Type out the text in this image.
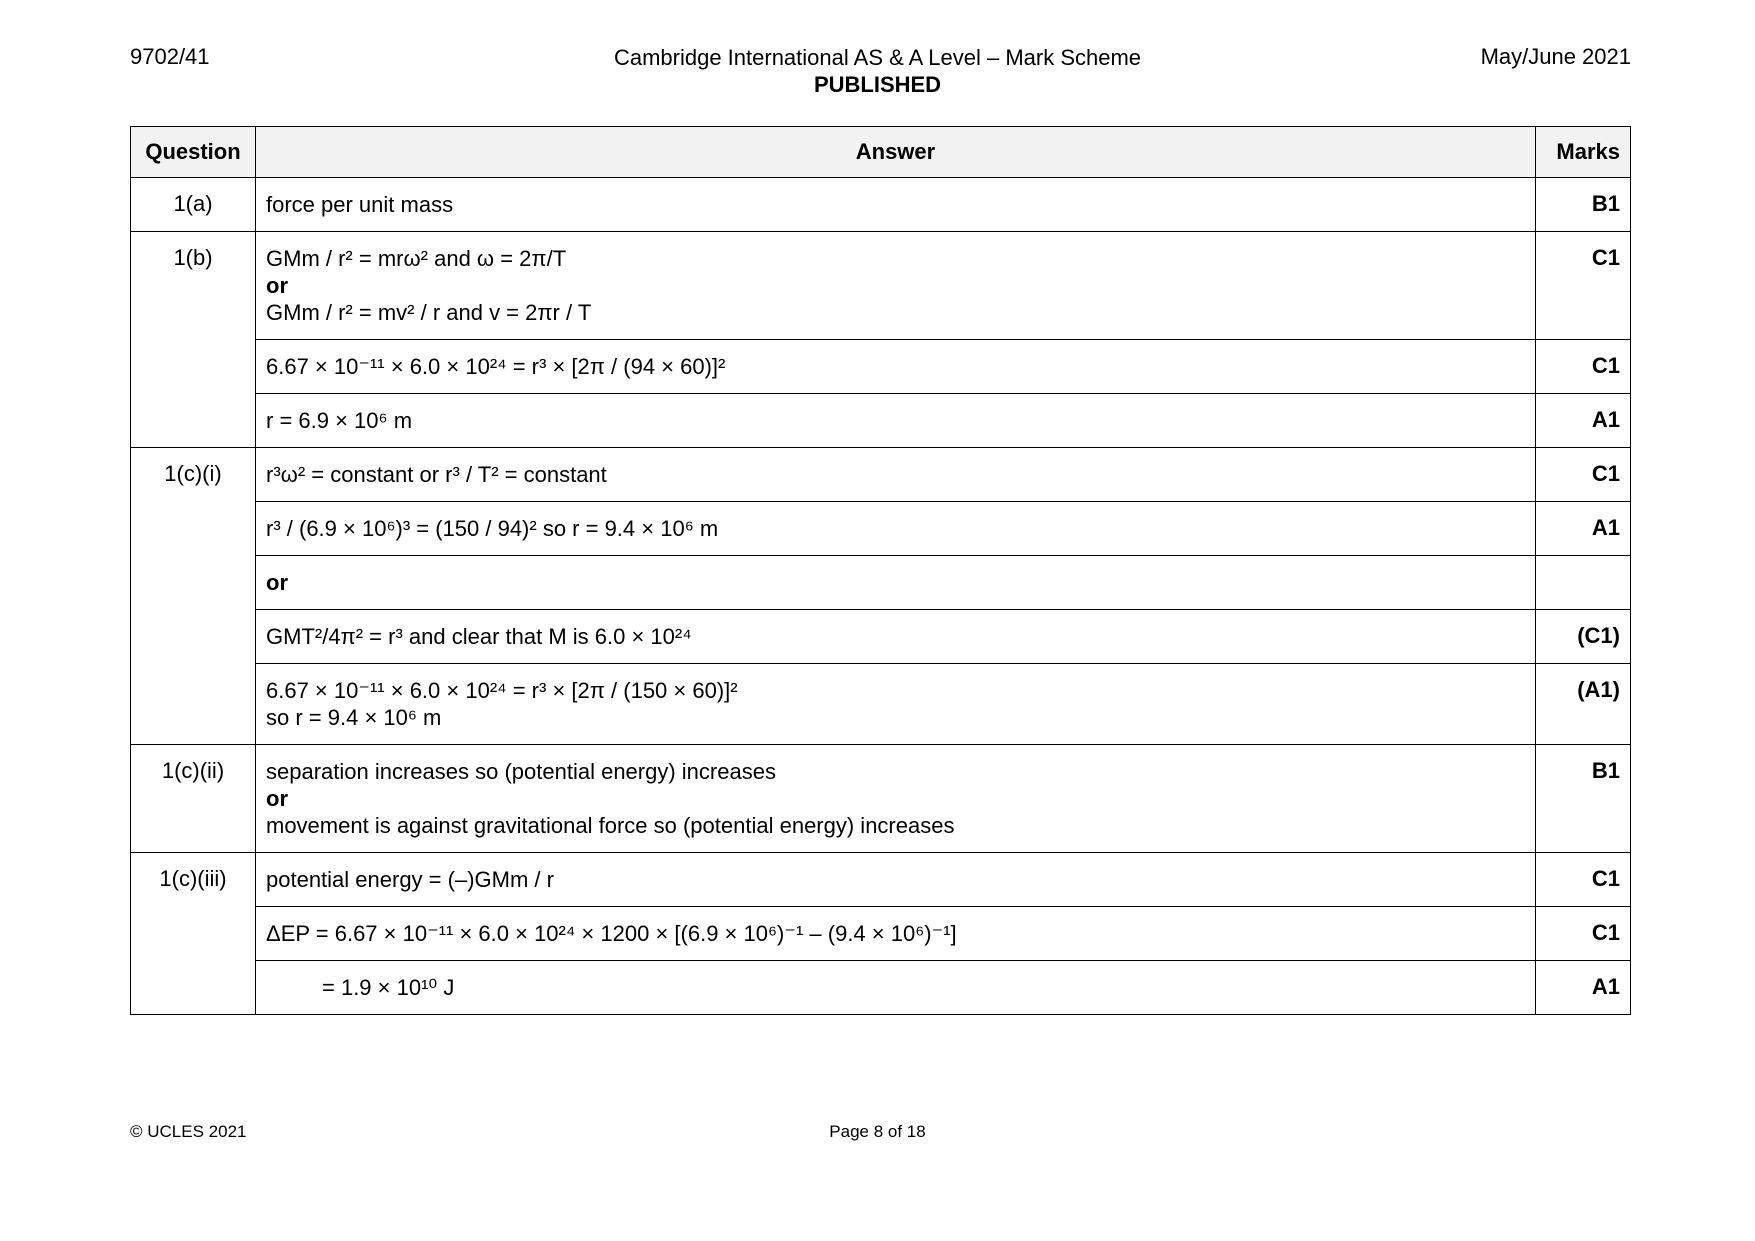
9702/41	Cambridge International AS & A Level – Mark Scheme
PUBLISHED
May/June 2021
Question	Answer	Marks
1(a)	force per unit mass	B1
1(b)	GMm / r² = mrω² and ω = 2π/T
or
GMm / r² = mv² / r and v = 2πr / T	C1

	6.67 × 10⁻¹¹ × 6.0 × 10²⁴ = r³ × [2π / (94 × 60)]²	C1

	r = 6.9 × 10⁶ m	A1
1(c)(i)	r³ω² = constant or r³ / T² = constant	C1

	r³ / (6.9 × 10⁶)³ = (150 / 94)² so r = 9.4 × 10⁶ m	A1

	or	

	GMT²/4π² = r³ and clear that M is 6.0 × 10²⁴	(C1)

	6.67 × 10⁻¹¹ × 6.0 × 10²⁴ = r³ × [2π / (150 × 60)]²
so r = 9.4 × 10⁶ m	(A1)
1(c)(ii)	separation increases so (potential energy) increases
or
movement is against gravitational force so (potential energy) increases	B1
1(c)(iii)	potential energy = (–)GMm / r	C1

	ΔEP = 6.67 × 10⁻¹¹ × 6.0 × 10²⁴ × 1200 × [(6.9 × 10⁶)⁻¹ – (9.4 × 10⁶)⁻¹]	C1

	= 1.9 × 10¹⁰ J	A1
© UCLES 2021	Page 8 of 18
